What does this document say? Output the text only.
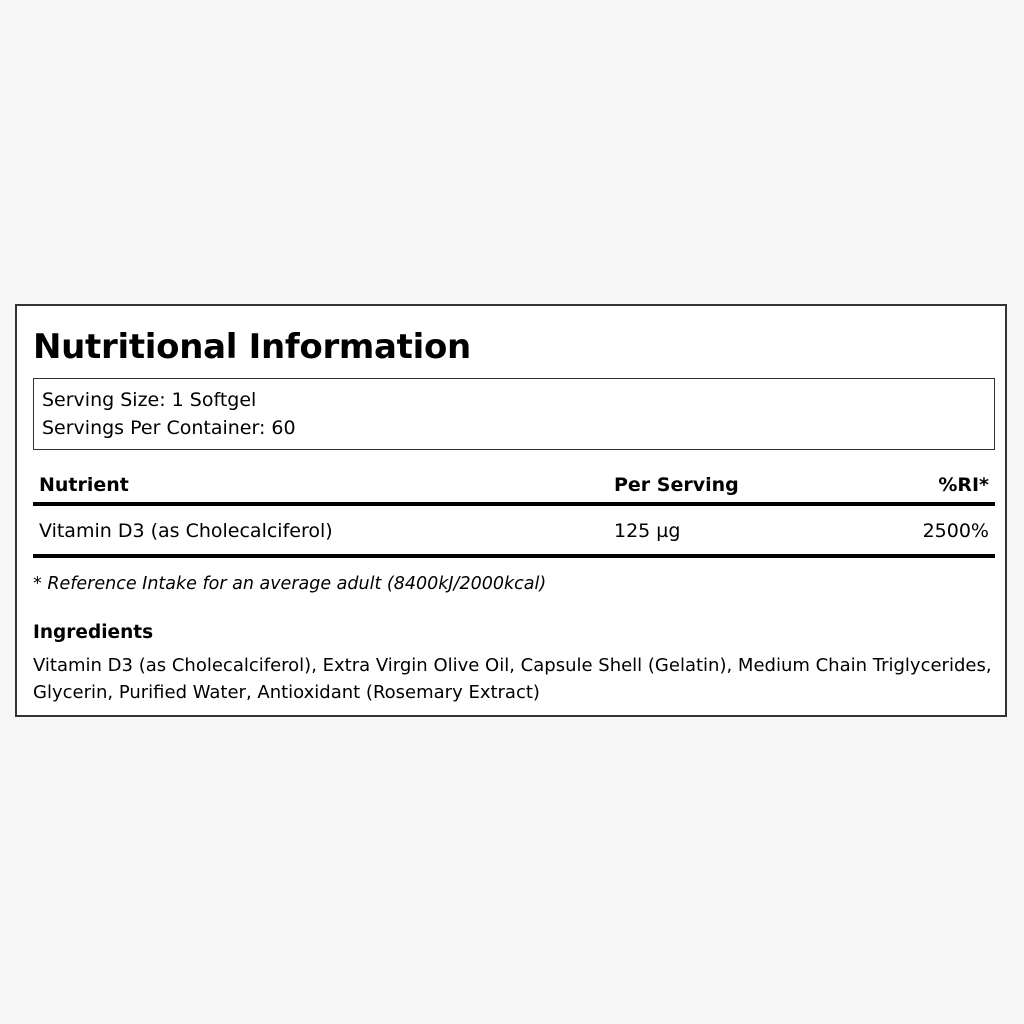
Nutritional Information
Serving Size: 1 Softgel
Servings Per Container: 60
Nutrient	Per Serving	%RI*
Vitamin D3 (as Cholecalciferol)	125 µg	2500%
* Reference Intake for an average adult (8400kJ/2000kcal)
Ingredients
Vitamin D3 (as Cholecalciferol), Extra Virgin Olive Oil, Capsule Shell (Gelatin), Medium Chain Triglycerides, Glycerin, Purified Water, Antioxidant (Rosemary Extract)
